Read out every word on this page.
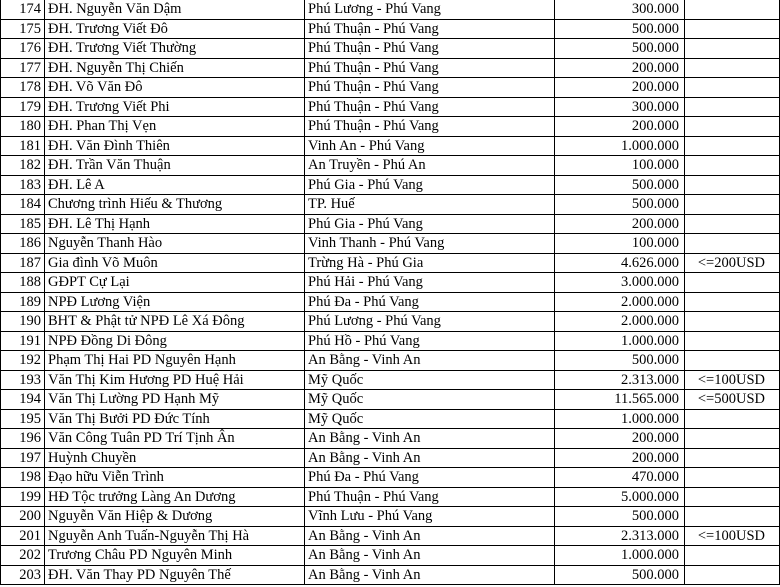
174	ĐH. Nguyễn Văn Dậm	Phú Lương - Phú Vang	300.000	
175	ĐH. Trương Viết Đô	Phú Thuận - Phú Vang	500.000	
176	ĐH. Trương Viết Thường	Phú Thuận - Phú Vang	500.000	
177	ĐH. Nguyễn Thị Chiến	Phú Thuận - Phú Vang	200.000	
178	ĐH. Võ Văn Đô	Phú Thuận - Phú Vang	200.000	
179	ĐH. Trương Viết Phi	Phú Thuận - Phú Vang	300.000	
180	ĐH. Phan Thị Vẹn	Phú Thuận - Phú Vang	200.000	
181	ĐH. Văn Đình Thiên	Vinh An - Phú Vang	1.000.000	
182	ĐH. Trần Văn Thuận	An Truyền - Phú An	100.000	
183	ĐH. Lê A	Phú Gia - Phú Vang	500.000	
184	Chương trình Hiếu & Thương	TP. Huế	500.000	
185	ĐH. Lê Thị Hạnh	Phú Gia - Phú Vang	200.000	
186	Nguyễn Thanh Hào	Vinh Thanh - Phú Vang	100.000	
187	Gia đình Võ Muôn	Trừng Hà - Phú Gia	4.626.000	<=200USD
188	GĐPT Cự Lại	Phú Hải - Phú Vang	3.000.000	
189	NPĐ Lương Viện	Phú Đa - Phú Vang	2.000.000	
190	BHT & Phật tử NPĐ Lê Xá Đông	Phú Lương - Phú Vang	2.000.000	
191	NPĐ Đồng Di Đông	Phú Hồ - Phú Vang	1.000.000	
192	Phạm Thị Hai PD Nguyên Hạnh	An Bằng - Vinh An	500.000	
193	Văn Thị Kim Hương PD Huệ Hải	Mỹ Quốc	2.313.000	<=100USD
194	Văn Thị Lường PD Hạnh Mỹ	Mỹ Quốc	11.565.000	<=500USD
195	Văn Thị Bưởi PD Đức Tính	Mỹ Quốc	1.000.000	
196	Văn Công Tuân PD Trí Tịnh Ân	An Bằng - Vinh An	200.000	
197	Huỳnh Chuyền	An Bằng - Vinh An	200.000	
198	Đạo hữu Viễn Trình	Phú Đa - Phú Vang	470.000	
199	HĐ Tộc trưởng Làng An Dương	Phú Thuận - Phú Vang	5.000.000	
200	Nguyễn Văn Hiệp & Dương	Vĩnh Lưu - Phú Vang	500.000	
201	Nguyễn Anh Tuấn-Nguyễn Thị Hà	An Bằng - Vinh An	2.313.000	<=100USD
202	Trương Châu PD Nguyên Minh	An Bằng - Vinh An	1.000.000	
203	ĐH. Văn Thay PD Nguyên Thế	An Bằng - Vinh An	500.000	
